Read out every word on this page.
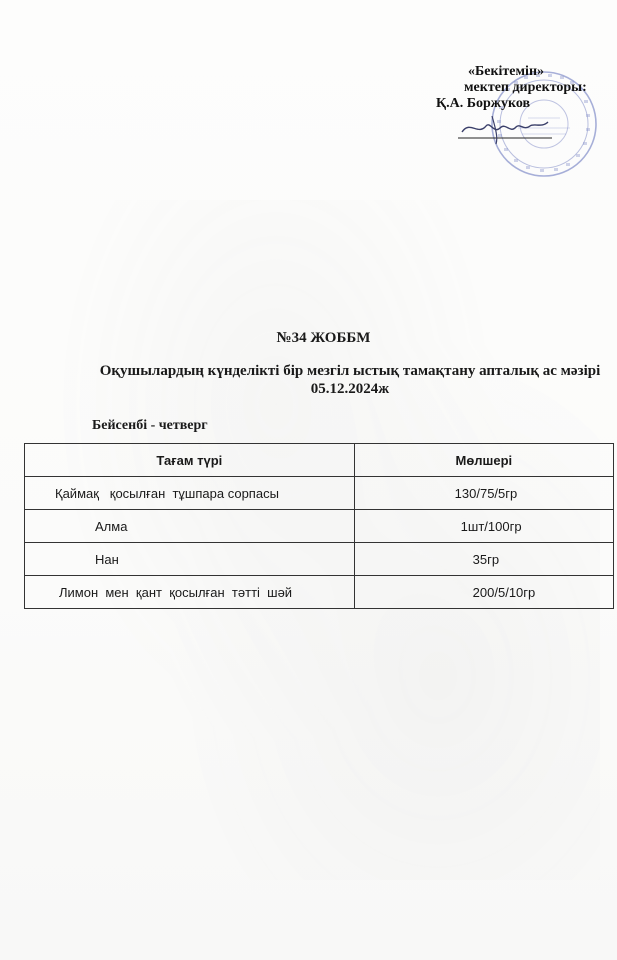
«Бекітемін»
мектеп директоры:
Қ.А. Боржуков
№34 ЖОББМ
Оқушылардың күнделікті бір мезгіл ыстық тамақтану апталық ас мәзірі
05.12.2024ж
Бейсенбі - четверг
Тағам түрі	Мөлшері
Қаймақ   қосылған  тұшпара сорпасы	130/75/5гр
Алма	1шт/100гр
Нан	35гр
Лимон  мен  қант  қосылған  тәтті  шәй	200/5/10гр
